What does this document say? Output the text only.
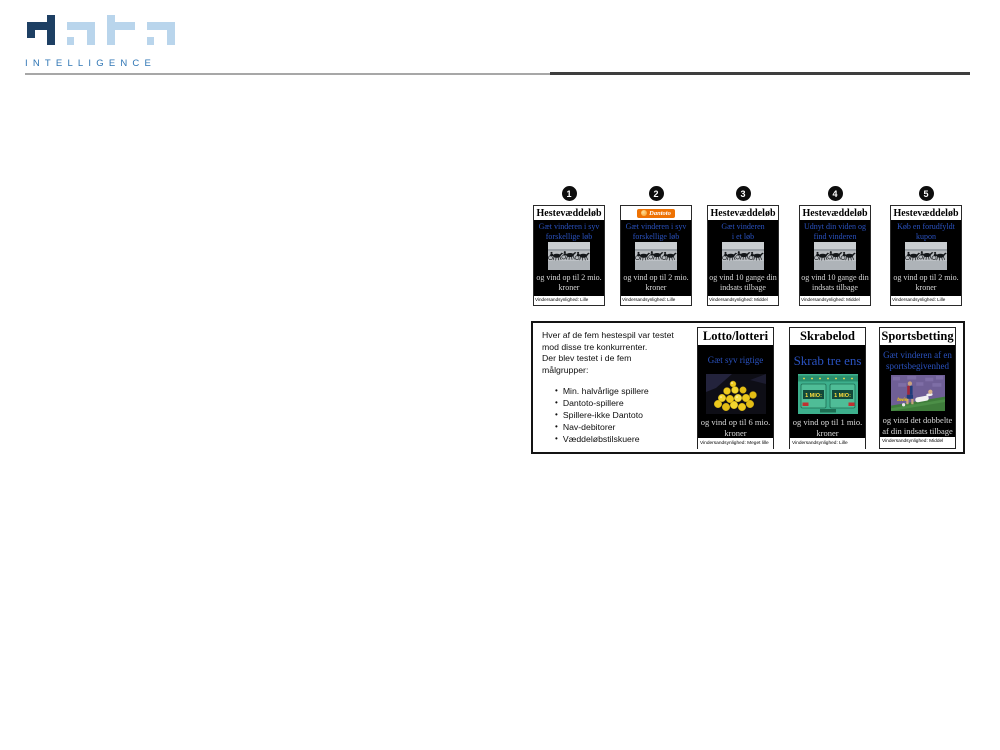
INTELLIGENCE
1
Hestevæddeløb
Gæt vinderen i syv
forskellige løb
og vind op til 2 mio.
kroner
Vindersandsynlighed: Lille
2
Dantoto
Gæt vinderen i syv
forskellige løb
og vind op til 2 mio.
kroner
Vindersandsynlighed: Lille
3
Hestevæddeløb
Gæt vinderen
i et løb
og vind 10 gange din
indsats tilbage
Vindersandsynlighed: Middel
4
Hestevæddeløb
Udnyt din viden og
find vinderen
og vind 10 gange din
indsats tilbage
Vindersandsynlighed: Middel
5
Hestevæddeløb
Køb en forudfyldt
kupon
og vind op til 2 mio.
kroner
Vindersandsynlighed: Lille
Hver af de fem hestespil var testet
mod disse tre konkurrenter.
Der blev testet i de fem
målgrupper:
• Min. halvårlige spillere
• Dantoto-spillere
• Spillere-ikke Dantoto
• Nav-debitorer
• Væddeløbstilskuere
Lotto/lotteri
Gæt syv rigtige
og vind op til 6 mio.
kroner
Vindersandsynlighed: Meget lille
Skrabelod
Skrab tre ens
og vind op til 1 mio.
kroner
Vindersandsynlighed: Lille
Sportsbetting
Gæt vinderen af en
sportsbegivenhed
og vind det dobbelte
af din indsats tilbage
Vindersandsynlighed: Middel
